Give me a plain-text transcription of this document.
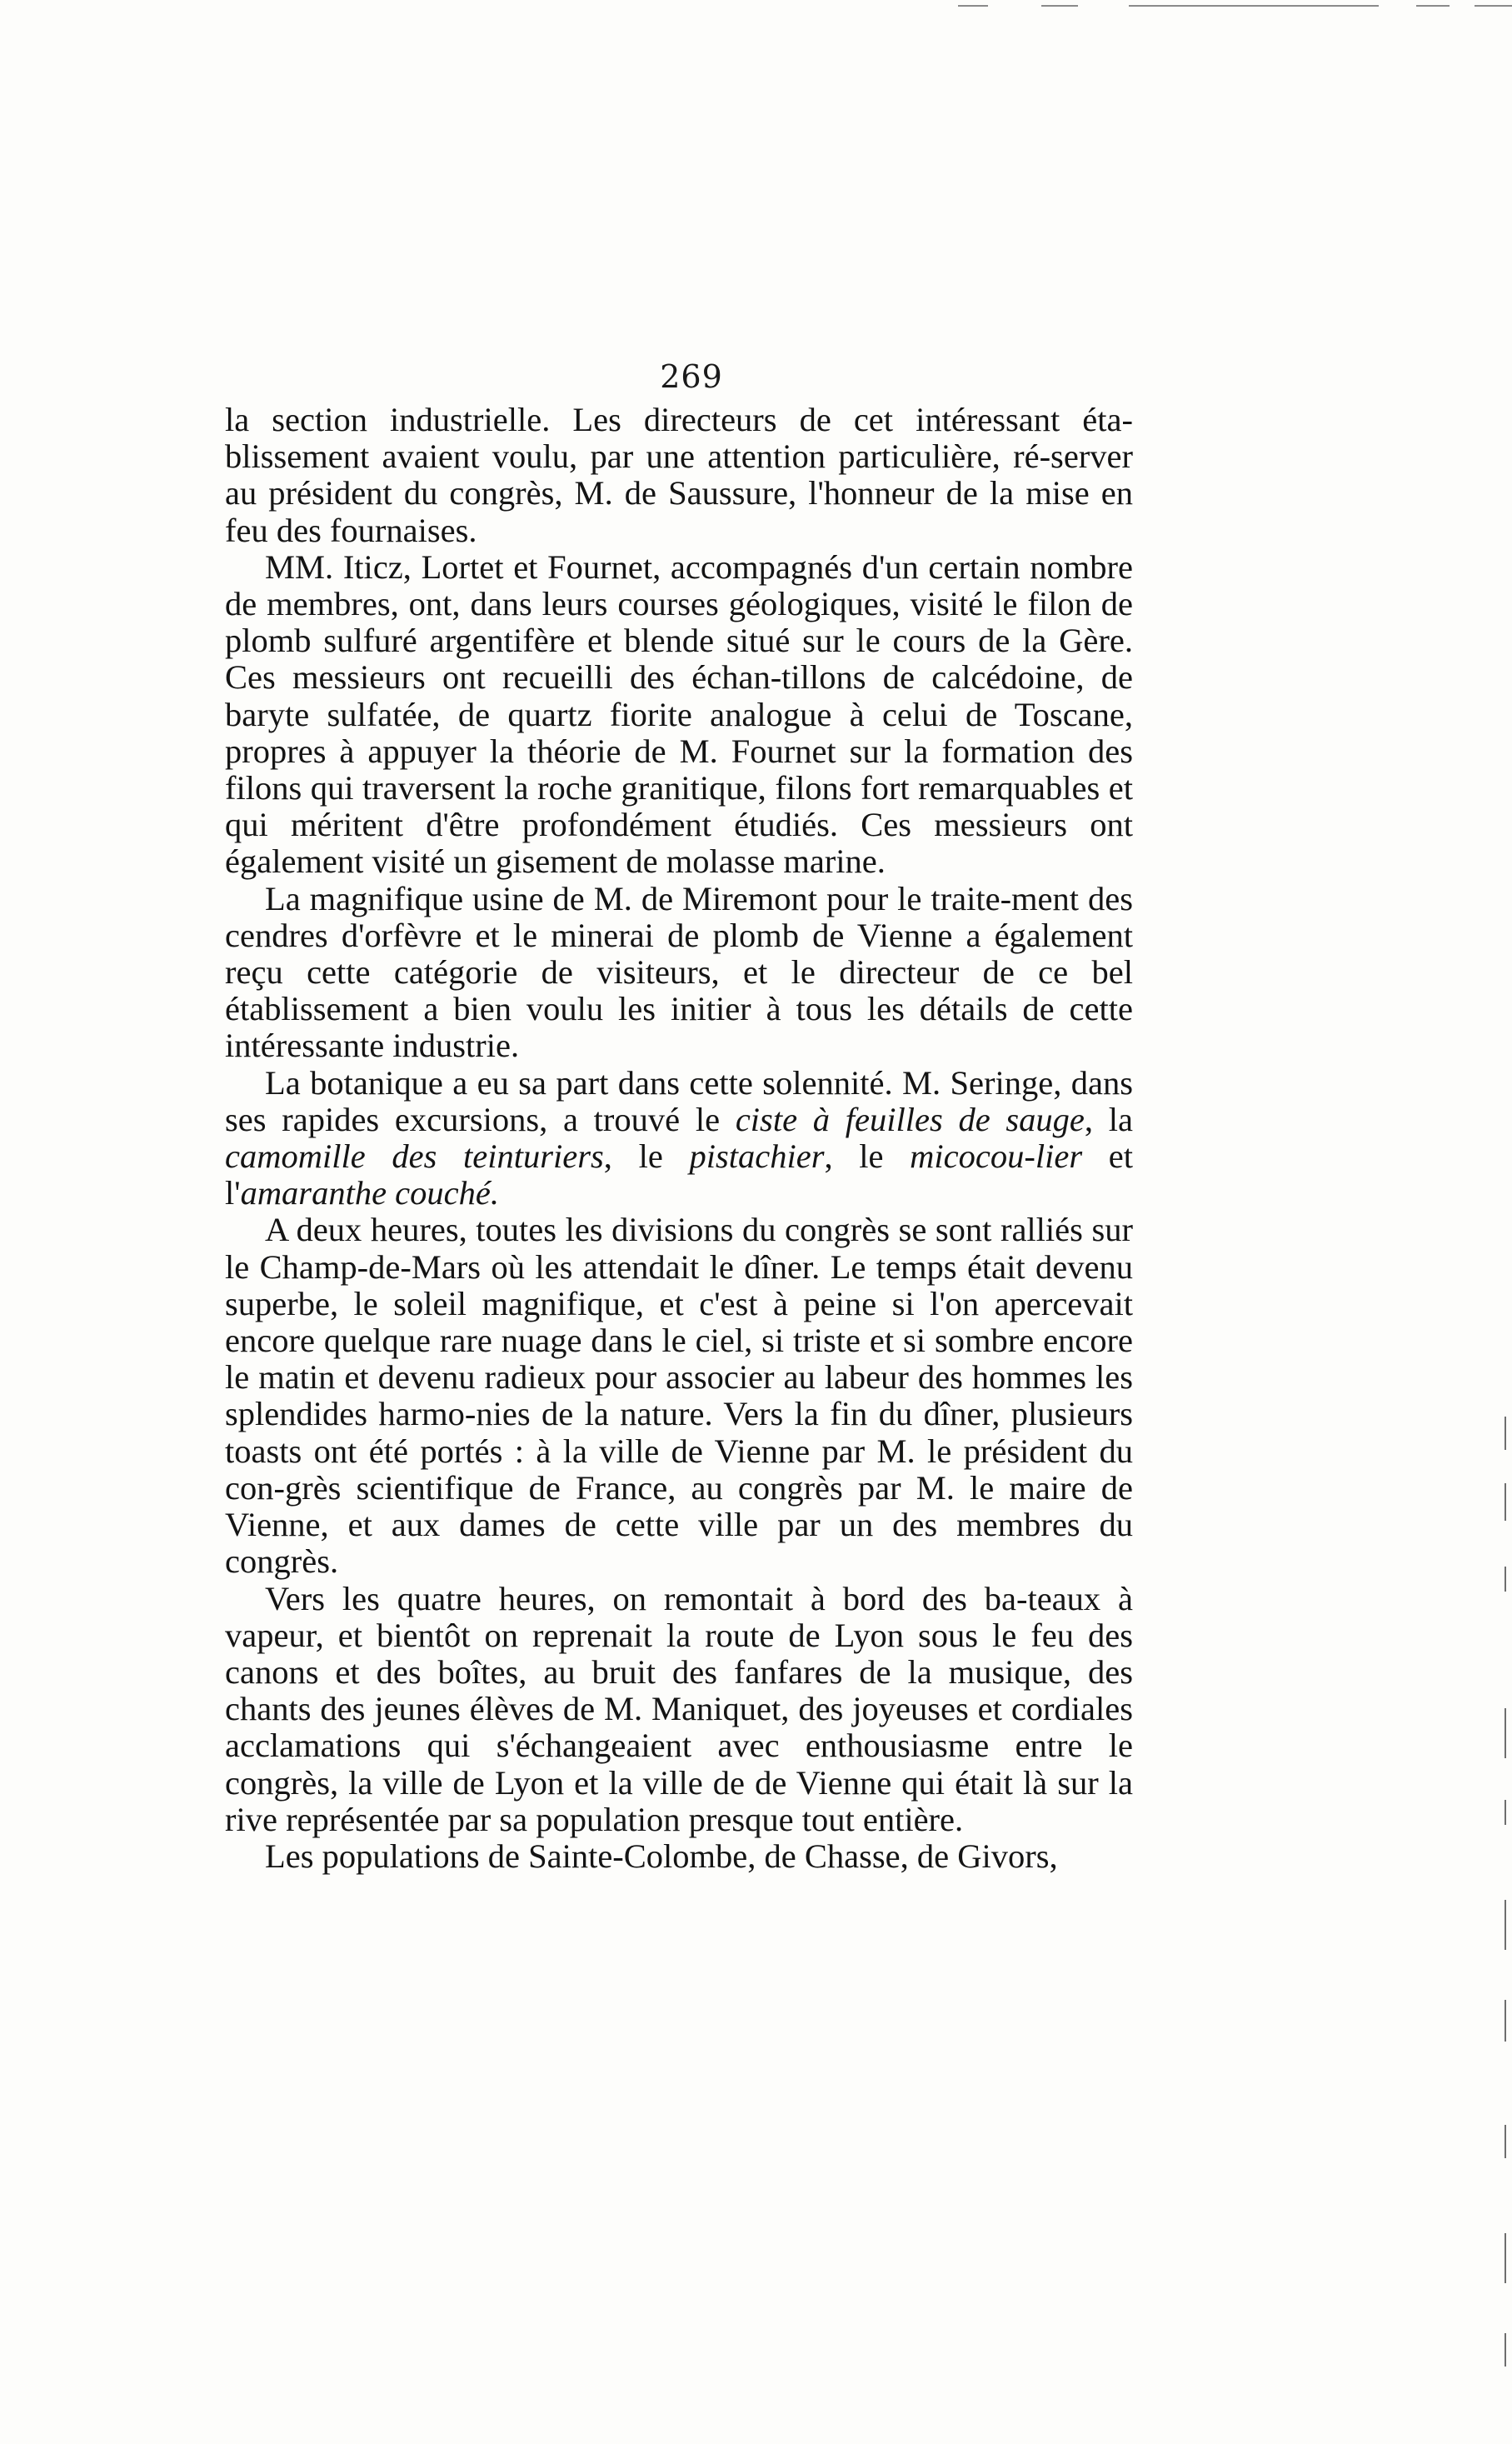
269

la section industrielle. Les directeurs de cet intéressant éta-blissement avaient voulu, par une attention particulière, ré-server au président du congrès, M. de Saussure, l'honneur de la mise en feu des fournaises.

MM. Iticz, Lortet et Fournet, accompagnés d'un certain nombre de membres, ont, dans leurs courses géologiques, visité le filon de plomb sulfuré argentifère et blende situé sur le cours de la Gère. Ces messieurs ont recueilli des échan-tillons de calcédoine, de baryte sulfatée, de quartz fiorite analogue à celui de Toscane, propres à appuyer la théorie de M. Fournet sur la formation des filons qui traversent la roche granitique, filons fort remarquables et qui méritent d'être profondément étudiés. Ces messieurs ont également visité un gisement de molasse marine.

La magnifique usine de M. de Miremont pour le traite-ment des cendres d'orfèvre et le minerai de plomb de Vienne a également reçu cette catégorie de visiteurs, et le directeur de ce bel établissement a bien voulu les initier à tous les détails de cette intéressante industrie.

La botanique a eu sa part dans cette solennité. M. Seringe, dans ses rapides excursions, a trouvé le ciste à feuilles de sauge, la camomille des teinturiers, le pistachier, le micocou-lier et l'amaranthe couché.

A deux heures, toutes les divisions du congrès se sont ralliés sur le Champ-de-Mars où les attendait le dîner. Le temps était devenu superbe, le soleil magnifique, et c'est à peine si l'on apercevait encore quelque rare nuage dans le ciel, si triste et si sombre encore le matin et devenu radieux pour associer au labeur des hommes les splendides harmo-nies de la nature. Vers la fin du dîner, plusieurs toasts ont été portés : à la ville de Vienne par M. le président du con-grès scientifique de France, au congrès par M. le maire de Vienne, et aux dames de cette ville par un des membres du congrès.

Vers les quatre heures, on remontait à bord des ba-teaux à vapeur, et bientôt on reprenait la route de Lyon sous le feu des canons et des boîtes, au bruit des fanfares de la musique, des chants des jeunes élèves de M. Maniquet, des joyeuses et cordiales acclamations qui s'échangeaient avec enthousiasme entre le congrès, la ville de Lyon et la ville de de Vienne qui était là sur la rive représentée par sa population presque tout entière.

Les populations de Sainte-Colombe, de Chasse, de Givors,
